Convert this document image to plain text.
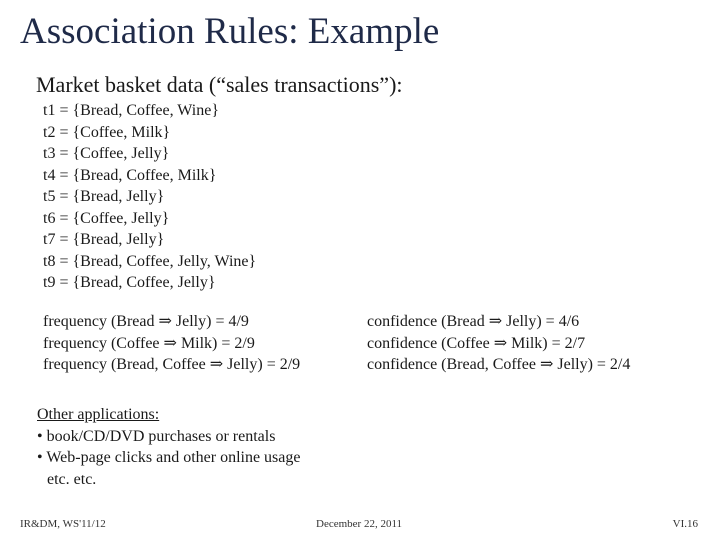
Association Rules: Example
Market basket data (“sales transactions”):
t1 = {Bread, Coffee, Wine}
t2 = {Coffee, Milk}
t3 = {Coffee, Jelly}
t4 = {Bread, Coffee, Milk}
t5 = {Bread, Jelly}
t6 = {Coffee, Jelly}
t7 = {Bread, Jelly}
t8 = {Bread, Coffee, Jelly, Wine}
t9 = {Bread, Coffee, Jelly}
frequency (Bread ⇒ Jelly) = 4/9
frequency (Coffee ⇒ Milk) = 2/9
frequency (Bread, Coffee ⇒ Jelly) = 2/9
confidence (Bread ⇒ Jelly) = 4/6
confidence (Coffee ⇒ Milk) = 2/7
confidence (Bread, Coffee ⇒ Jelly) = 2/4
Other applications:
• book/CD/DVD purchases or rentals
• Web-page clicks and other online usage
etc. etc.
IR&DM, WS'11/12	December 22, 2011	VI.16
